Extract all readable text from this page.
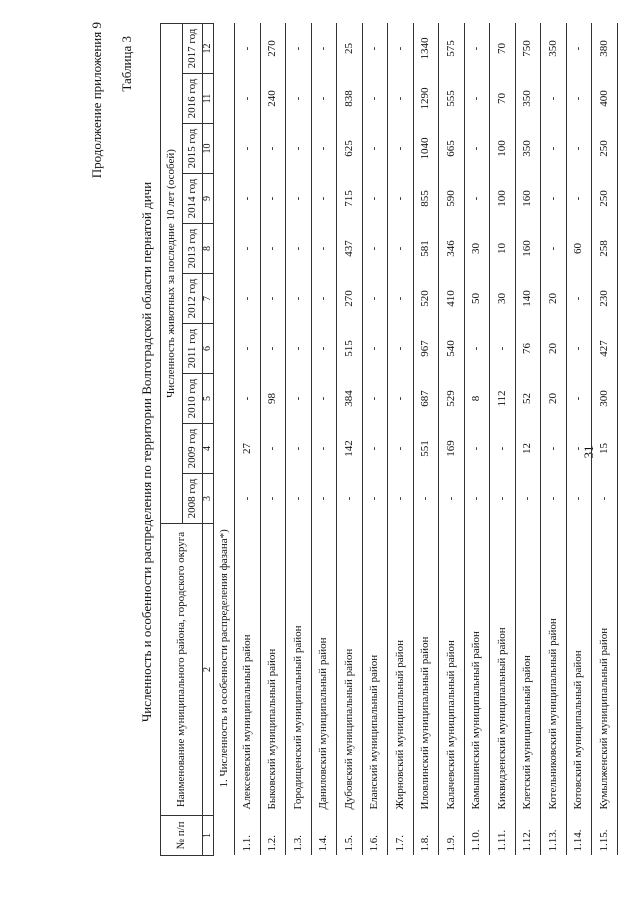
31
Продолжение приложения 9 Таблица 3
Численность и особенности распределения по территории Волгоградской области пернатой дичи
№ п/п	Наименование муниципального района, городского округа	Численность животных за последние 10 лет (особей)									
		2008 год	2009 год	2010 год	2011 год	2012 год	2013 год	2014 год	2015 год	2016 год	2017 год
1	2	3	4	5	6	7	8	9	10	11	12
1. Численность и особенности распределения фазана*)											
1.1.	Алексеевский муниципальный район	-	27	-	-	-	-	-	-	-	-
1.2.	Быковский муниципальный район	-	-	98	-	-	-	-	-	240	270
1.3.	Городищенский муниципальный район	-	-	-	-	-	-	-	-	-	-
1.4.	Даниловский муниципальный район	-	-	-	-	-	-	-	-	-	-
1.5.	Дубовский муниципальный район	-	142	384	515	270	437	715	625	838	25
1.6.	Еланский муниципальный район	-	-	-	-	-	-	-	-	-	-
1.7.	Жирновский муниципальный район	-	-	-	-	-	-	-	-	-	-
1.8.	Иловлинский муниципальный район	-	551	687	967	520	581	855	1040	1290	1340
1.9.	Калачевский муниципальный район	-	169	529	540	410	346	590	665	555	575
1.10.	Камышинский муниципальный район	-	-	8	-	50	30	-	-	-	-
1.11.	Киквидзенский муниципальный район	-	-	112	-	30	10	100	100	70	70
1.12.	Клетский муниципальный район	-	12	52	76	140	160	160	350	350	750
1.13.	Котельниковский муниципальный район	-	-	20	20	20	-	-	-	-	350
1.14.	Котовский муниципальный район	-	-	-	-	-	60	-	-	-	-
1.15.	Кумылженский муниципальный район	-	15	300	427	230	258	250	250	400	380
